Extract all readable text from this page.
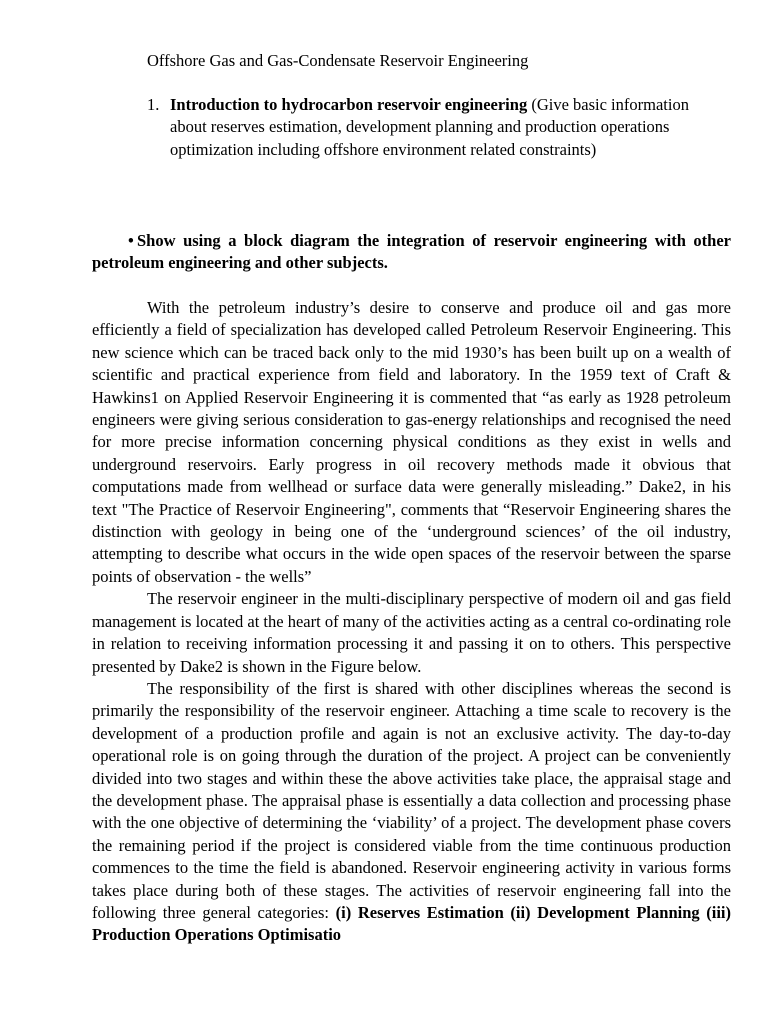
Offshore Gas and Gas-Condensate Reservoir Engineering
1. Introduction to hydrocarbon reservoir engineering (Give basic information about reserves estimation, development planning and production operations optimization including offshore environment related constraints)
• Show using a block diagram the integration of reservoir engineering with other petroleum engineering and other subjects.

With the petroleum industry’s desire to conserve and produce oil and gas more efficiently a field of specialization has developed called Petroleum Reservoir Engineering. This new science which can be traced back only to the mid 1930’s has been built up on a wealth of scientific and practical experience from field and laboratory. In the 1959 text of Craft & Hawkins1 on Applied Reservoir Engineering it is commented that “as early as 1928 petroleum engineers were giving serious consideration to gas-energy relationships and recognised the need for more precise information concerning physical conditions as they exist in wells and underground reservoirs. Early progress in oil recovery methods made it obvious that computations made from wellhead or surface data were generally misleading.” Dake2, in his text "The Practice of Reservoir Engineering", comments that “Reservoir Engineering shares the distinction with geology in being one of the ‘underground sciences’ of the oil industry, attempting to describe what occurs in the wide open spaces of the reservoir between the sparse points of observation - the wells”

The reservoir engineer in the multi-disciplinary perspective of modern oil and gas field management is located at the heart of many of the activities acting as a central co-ordinating role in relation to receiving information processing it and passing it on to others. This perspective presented by Dake2 is shown in the Figure below.

The responsibility of the first is shared with other disciplines whereas the second is primarily the responsibility of the reservoir engineer. Attaching a time scale to recovery is the development of a production profile and again is not an exclusive activity. The day-to-day operational role is on going through the duration of the project. A project can be conveniently divided into two stages and within these the above activities take place, the appraisal stage and the development phase. The appraisal phase is essentially a data collection and processing phase with the one objective of determining the ‘viability’ of a project. The development phase covers the remaining period if the project is considered viable from the time continuous production commences to the time the field is abandoned. Reservoir engineering activity in various forms takes place during both of these stages. The activities of reservoir engineering fall into the following three general categories: (i) Reserves Estimation (ii) Development Planning (iii) Production Operations Optimisatio
